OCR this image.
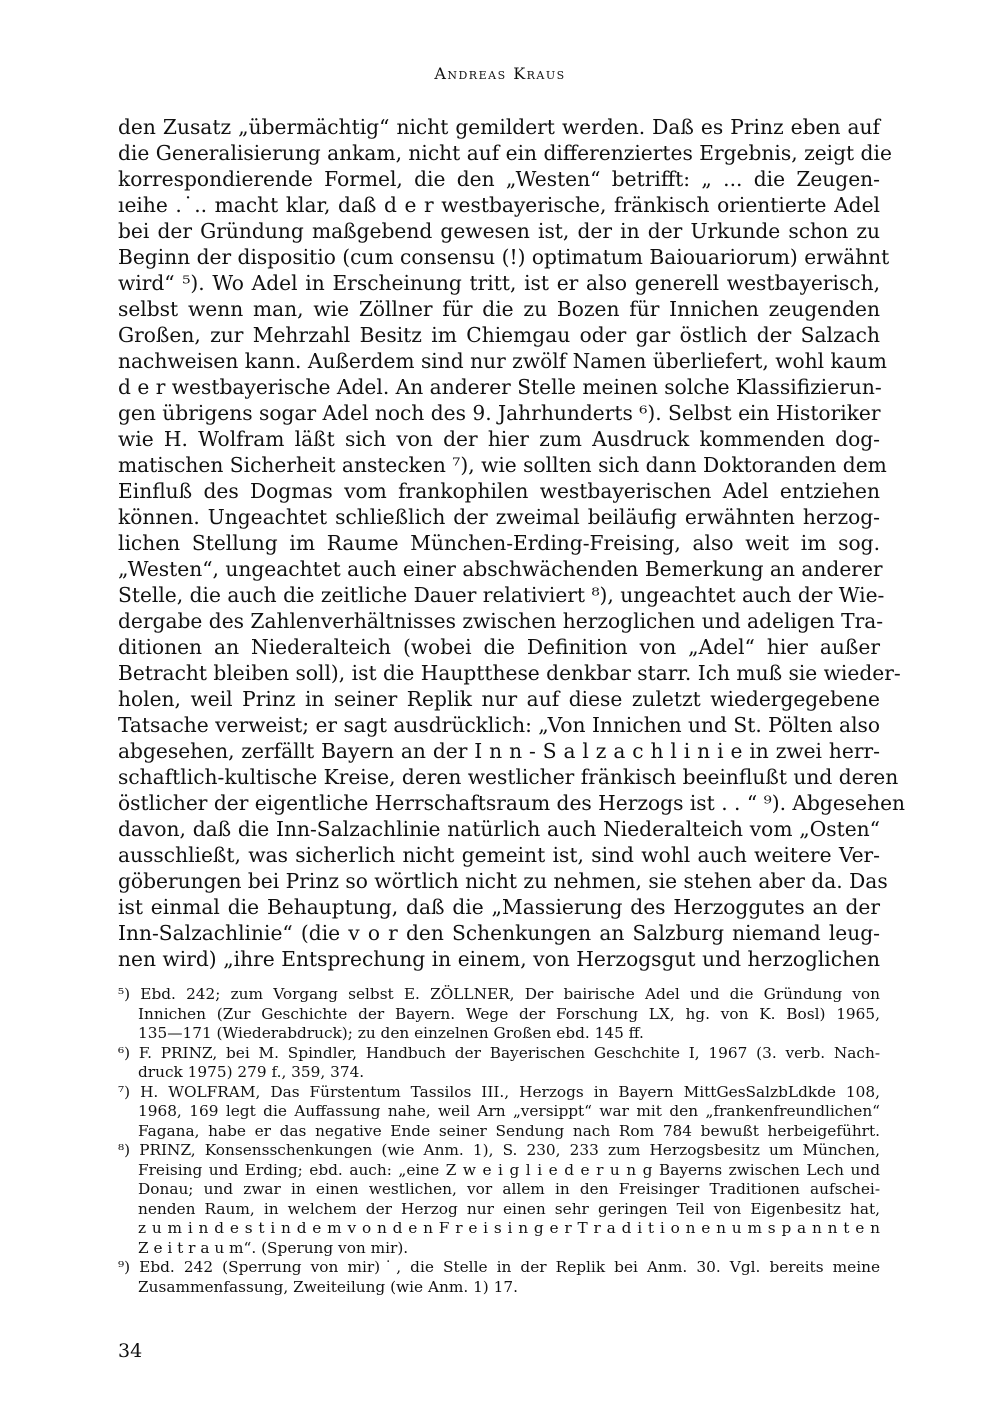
Andreas Kraus
den Zusatz „übermächtig“ nicht gemildert werden. Daß es Prinz eben auf
die Generalisierung ankam, nicht auf ein differenziertes Ergebnis, zeigt die
korrespondierende Formel, die den „Westen“ betrifft: „ ... die Zeugen-
ıeihe .˙.. macht klar, daß d e r westbayerische, fränkisch orientierte Adel
bei der Gründung maßgebend gewesen ist, der in der Urkunde schon zu
Beginn der dispositio (cum consensu (!) optimatum Baiouariorum) erwähnt
wird“ ⁵). Wo Adel in Erscheinung tritt, ist er also generell westbayerisch,
selbst wenn man, wie Zöllner für die zu Bozen für Innichen zeugenden
Großen, zur Mehrzahl Besitz im Chiemgau oder gar östlich der Salzach
nachweisen kann. Außerdem sind nur zwölf Namen überliefert, wohl kaum
d e r westbayerische Adel. An anderer Stelle meinen solche Klassifizierun-
gen übrigens sogar Adel noch des 9. Jahrhunderts ⁶). Selbst ein Historiker
wie H. Wolfram läßt sich von der hier zum Ausdruck kommenden dog-
matischen Sicherheit anstecken ⁷), wie sollten sich dann Doktoranden dem
Einfluß des Dogmas vom frankophilen westbayerischen Adel entziehen
können. Ungeachtet schließlich der zweimal beiläufig erwähnten herzog-
lichen Stellung im Raume München-Erding-Freising, also weit im sog.
„Westen“, ungeachtet auch einer abschwächenden Bemerkung an anderer
Stelle, die auch die zeitliche Dauer relativiert ⁸), ungeachtet auch der Wie-
dergabe des Zahlenverhältnisses zwischen herzoglichen und adeligen Tra-
ditionen an Niederalteich (wobei die Definition von „Adel“ hier außer
Betracht bleiben soll), ist die Hauptthese denkbar starr. Ich muß sie wieder-
holen, weil Prinz in seiner Replik nur auf diese zuletzt wiedergegebene
Tatsache verweist; er sagt ausdrücklich: „Von Innichen und St. Pölten also
abgesehen, zerfällt Bayern an der I n n - S a l z a c h l i n i e in zwei herr-
schaftlich-kultische Kreise, deren westlicher fränkisch beeinflußt und deren
östlicher der eigentliche Herrschaftsraum des Herzogs ist . . “ ⁹). Abgesehen
davon, daß die Inn-Salzachlinie natürlich auch Niederalteich vom „Osten“
ausschließt, was sicherlich nicht gemeint ist, sind wohl auch weitere Ver-
göberungen bei Prinz so wörtlich nicht zu nehmen, sie stehen aber da. Das
ist einmal die Behauptung, daß die „Massierung des Herzoggutes an der
Inn-Salzachlinie“ (die v o r den Schenkungen an Salzburg niemand leug-
nen wird) „ihre Entsprechung in einem, von Herzogsgut und herzoglichen
⁵) Ebd. 242; zum Vorgang selbst E. ZÖLLNER, Der bairische Adel und die Gründung von
Innichen (Zur Geschichte der Bayern. Wege der Forschung LX, hg. von K. Bosl) 1965,
135—171 (Wiederabdruck); zu den einzelnen Großen ebd. 145 ff.
⁶) F. PRINZ, bei M. Spindler, Handbuch der Bayerischen Geschchite I, 1967 (3. verb. Nach-
druck 1975) 279 f., 359, 374.
⁷) H. WOLFRAM, Das Fürstentum Tassilos III., Herzogs in Bayern MittGesSalzbLdkde 108,
1968, 169 legt die Auffassung nahe, weil Arn „versippt“ war mit den „frankenfreundlichen“
Fagana, habe er das negative Ende seiner Sendung nach Rom 784 bewußt herbeigeführt.
⁸) PRINZ, Konsensschenkungen (wie Anm. 1), S. 230, 233 zum Herzogsbesitz um München,
Freising und Erding; ebd. auch: „eine Z w e i g l i e d e r u n g Bayerns zwischen Lech und
Donau; und zwar in einen westlichen, vor allem in den Freisinger Traditionen aufschei-
nenden Raum, in welchem der Herzog nur einen sehr geringen Teil von Eigenbesitz hat,
z u m i n d e s t i n d e m v o n d e n F r e i s i n g e r T r a d i t i o n e n u m s p a n n t e n
Z e i t r a u m“. (Sperung von mir).
⁹) Ebd. 242 (Sperrung von mir)˙, die Stelle in der Replik bei Anm. 30. Vgl. bereits meine
Zusammenfassung, Zweiteilung (wie Anm. 1) 17.
34
